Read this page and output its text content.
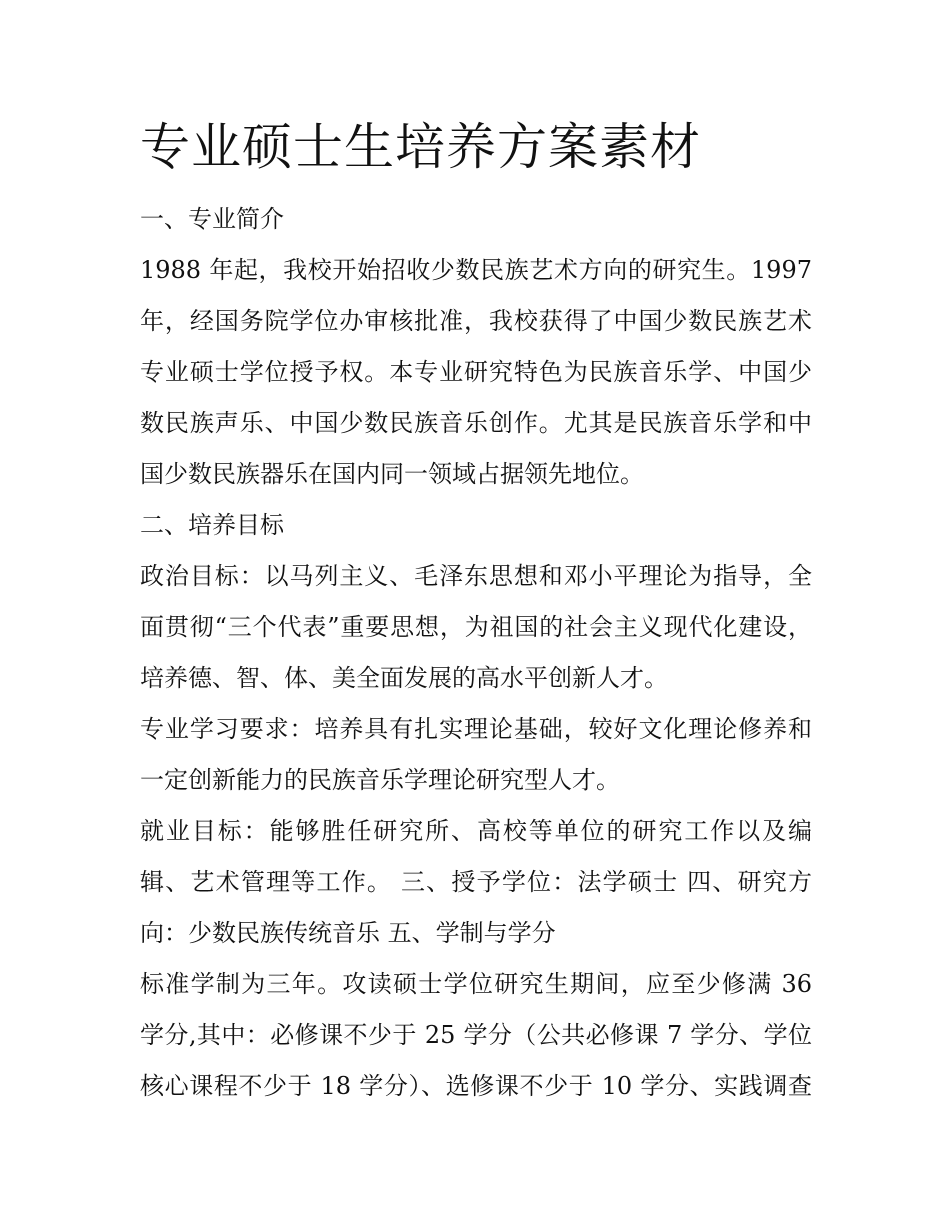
专业硕士生培养方案素材

一、专业简介

1988 年起，我校开始招收少数民族艺术方向的研究生。1997

年，经国务院学位办审核批准，我校获得了中国少数民族艺术

专业硕士学位授予权。本专业研究特色为民族音乐学、中国少

数民族声乐、中国少数民族音乐创作。尤其是民族音乐学和中

国少数民族器乐在国内同一领域占据领先地位。

二、培养目标

政治目标：以马列主义、毛泽东思想和邓小平理论为指导，全

面贯彻“三个代表”重要思想，为祖国的社会主义现代化建设，

培养德、智、体、美全面发展的高水平创新人才。

专业学习要求：培养具有扎实理论基础，较好文化理论修养和

一定创新能力的民族音乐学理论研究型人才。

就业目标：能够胜任研究所、高校等单位的研究工作以及编

辑、艺术管理等工作。 三、授予学位：法学硕士 四、研究方

向：少数民族传统音乐 五、学制与学分

标准学制为三年。攻读硕士学位研究生期间，应至少修满 36

学分,其中：必修课不少于 25 学分（公共必修课 7 学分、学位

核心课程不少于 18 学分）、选修课不少于 10 学分、实践调查
